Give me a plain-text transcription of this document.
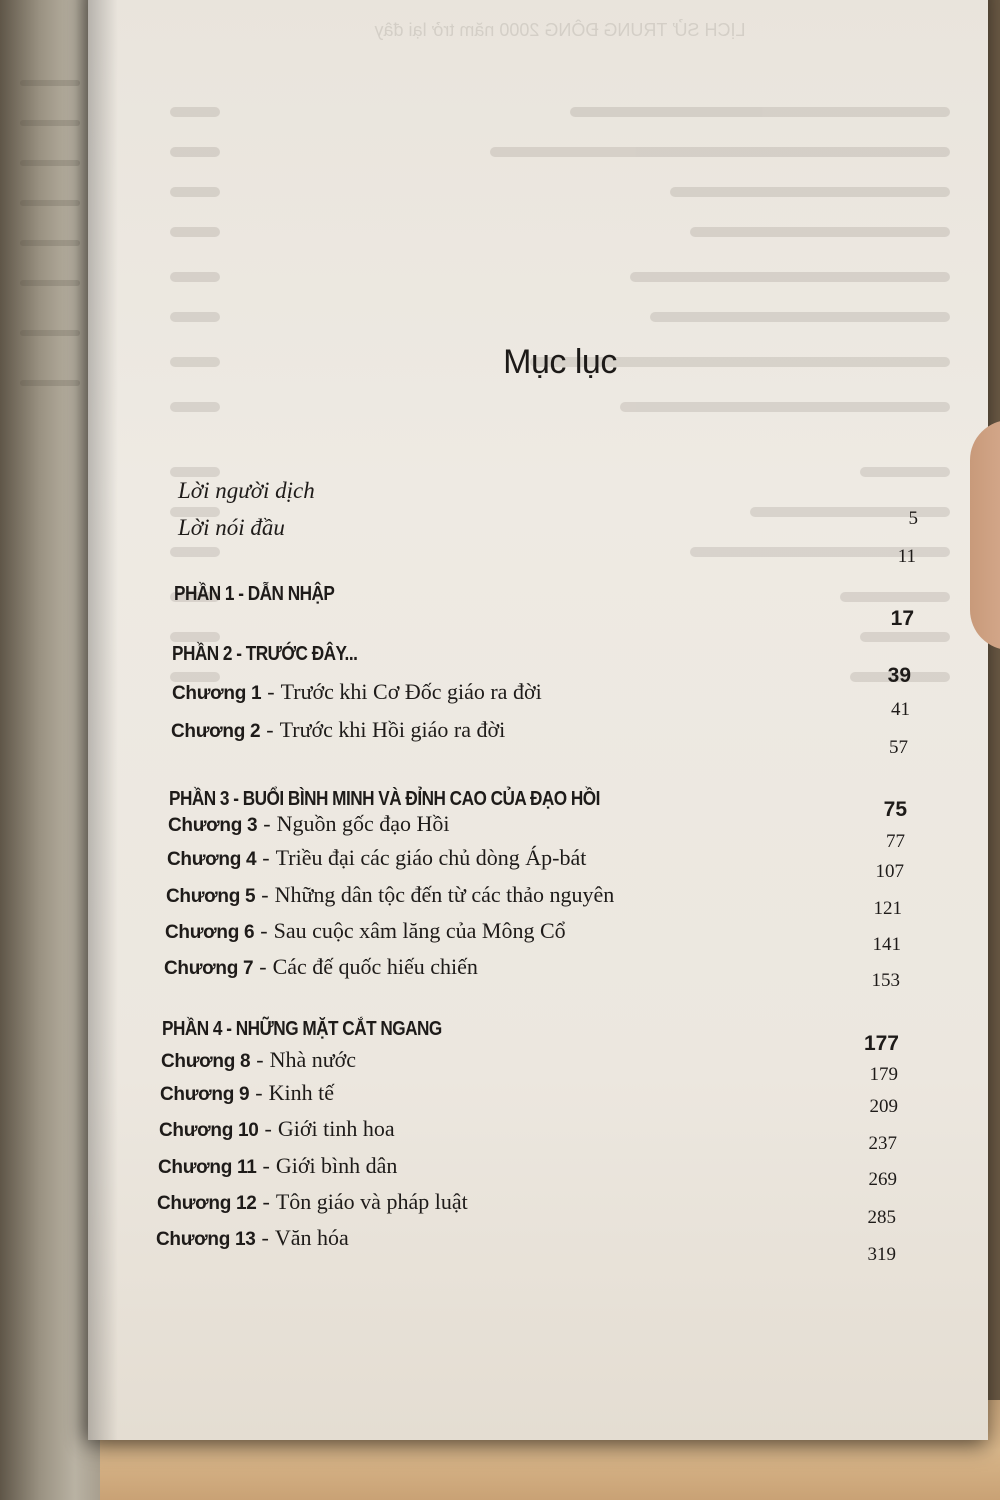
LỊCH SỬ TRUNG ĐÔNG 2000 năm trở lại đây
Mục lục
Lời người dịch
5
Lời nói đầu
11
PHẦN 1 - DẪN NHẬP
17
PHẦN 2 - TRƯỚC ĐÂY...
39
Chương 1 - Trước khi Cơ Đốc giáo ra đời
41
Chương 2 - Trước khi Hồi giáo ra đời
57
PHẦN 3 - BUỔI BÌNH MINH VÀ ĐỈNH CAO CỦA ĐẠO HỒI	75
Chương 3 - Nguồn gốc đạo Hồi
77
Chương 4 - Triều đại các giáo chủ dòng Áp-bát
107
Chương 5 - Những dân tộc đến từ các thảo nguyên
121
Chương 6 - Sau cuộc xâm lăng của Mông Cổ
141
Chương 7 - Các đế quốc hiếu chiến
153
PHẦN 4 - NHỮNG MẶT CẮT NGANG
177
Chương 8 - Nhà nước
179
Chương 9 - Kinh tế
209
Chương 10 - Giới tinh hoa
237
Chương 11 - Giới bình dân
269
Chương 12 - Tôn giáo và pháp luật
285
Chương 13 - Văn hóa
319
